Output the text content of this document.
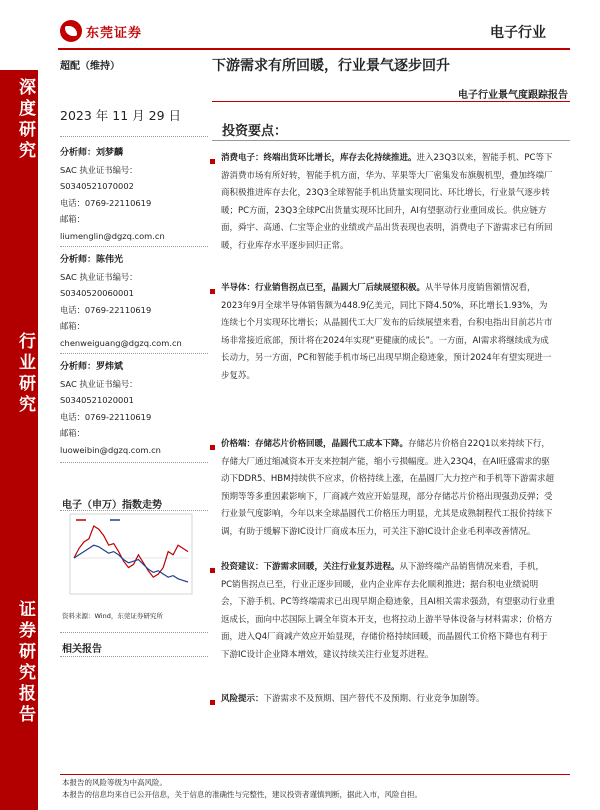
东莞证券	电子行业
深度研究
行业研究
证券研究报告
超配（维持）	下游需求有所回暖，行业景气逐步回升
电子行业景气度跟踪报告
2023 年 11 月 29 日
分析师：刘梦麟
SAC 执业证书编号：
S0340521070002
电话：0769-22110619
邮箱：
liumenglin@dgzq.com.cn
分析师：陈伟光
SAC 执业证书编号：
S0340520060001
电话：0769-22110619
邮箱：
chenweiguang@dgzq.com.cn
分析师：罗炜斌
SAC 执业证书编号：
S0340521020001
电话：0769-22110619
邮箱：
luoweibin@dgzq.com.cn
电子（申万）指数走势
资料来源：Wind，东莞证券研究所
相关报告
投资要点：
消费电子：终端出货环比增长，库存去化持续推进。进入23Q3以来，智能手机、PC等下游消费市场有所好转，智能手机方面，华为、苹果等大厂密集发布旗舰机型，叠加终端厂商积极推进库存去化，23Q3全球智能手机出货量实现同比、环比增长，行业景气逐步转暖；PC方面，23Q3全球PC出货量实现环比回升，AI有望驱动行业重回成长。供应链方面，舜宇、高通、仁宝等企业的业绩或产品出货表现也表明，消费电子下游需求已有所回暖，行业库存水平逐步回归正常。
半导体：行业销售拐点已至，晶圆大厂后续展望积极。从半导体月度销售额情况看，2023年9月全球半导体销售额为448.9亿美元，同比下降4.50%，环比增长1.93%，为连续七个月实现环比增长；从晶圆代工大厂发布的后续展望来看，台积电指出目前芯片市场非常接近底部，预计将在2024年实现“更健康的成长”。一方面，AI需求将继续成为成长动力，另一方面，PC和智能手机市场已出现早期企稳迹象，预计2024年有望实现进一步复苏。
价格端：存储芯片价格回暖，晶圆代工成本下降。存储芯片价格自22Q1以来持续下行，存储大厂通过缩减资本开支来控制产能，缩小亏损幅度。进入23Q4，在AI旺盛需求的驱动下DDR5、HBM持续供不应求，价格持续上涨，在晶圆厂大力控产和手机等下游需求超预期等等多重因素影响下，厂商减产效应开始显现，部分存储芯片价格出现强劲反弹；受行业景气度影响，今年以来全球晶圆代工价格压力明显，尤其是成熟制程代工报价持续下调，有助于缓解下游IC设计厂商成本压力，可关注下游IC设计企业毛利率改善情况。
投资建议：下游需求回暖，关注行业复苏进程。从下游终端产品销售情况来看，手机，PC销售拐点已至，行业正逐步回暖，业内企业库存去化顺利推进；据台积电业绩说明会，下游手机、PC等终端需求已出现早期企稳迹象，且AI相关需求强劲，有望驱动行业重返成长，面向中芯国际上调全年资本开支，也将拉动上游半导体设备与材料需求；价格方面，进入Q4厂商减产效应开始显现，存储价格持续回暖，而晶圆代工价格下降也有利于下游IC设计企业降本增效，建议持续关注行业复苏进程。
风险提示：下游需求不及预期、国产替代不及预期、行业竞争加剧等。
本报告的风险等级为中高风险。
本报告的信息均来自已公开信息，关于信息的准确性与完整性，建议投资者谨慎判断，据此入市，风险自担。
